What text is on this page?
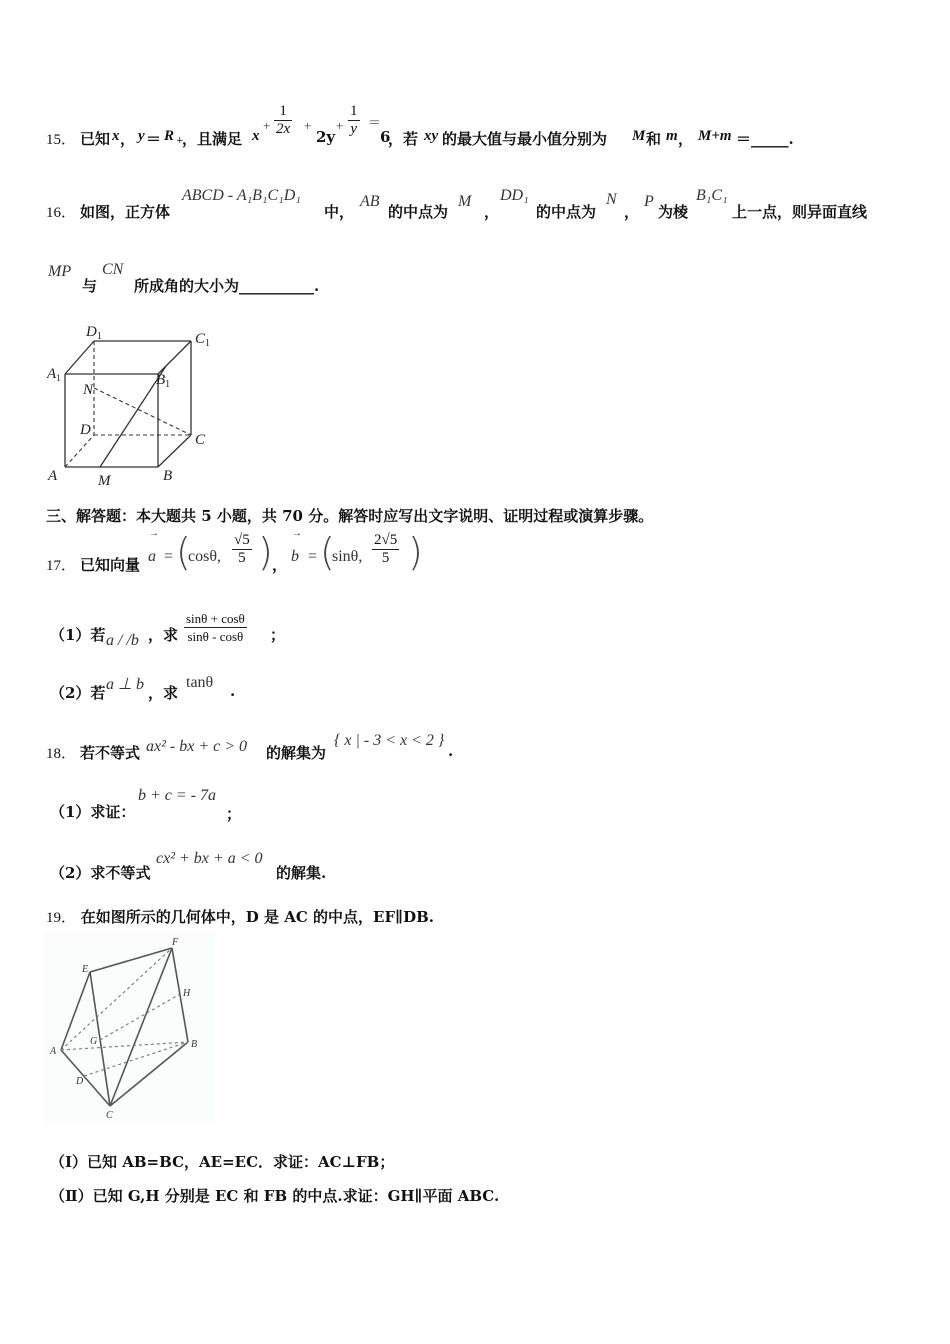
15． 已知 x ， y ＝ R +
，且满足 x
+ $\frac{1}{2x}$ +
2y
+ $\frac{1}{y}$ ＝
6
，若 xy 的最大值与最小值分别为 M 和 m ， M+m ＝_____.
16． 如图，正方体
ABCD - A₁B₁C₁D₁
中，
AB
的中点为
M
，
DD₁
的中点为
N
，
P
为棱
B₁C₁
上一点，则异面直线
MP
与
CN
所成角的大小为__________.
$D_1$	$C_1$
$A_1$	$B_1$
N
D
C
A	M	B
三、解答题：本大题共 5 小题，共 70 分。解答时应写出文字说明、证明过程或演算步骤。
17． 已知向量
→
a = (
cosθ, $\frac{√5}{5}$ ) ，
→
b = (
sinθ, $\frac{2√5}{5}$ )
（1）若 a / /b ，求 $\frac{\sin\theta + \cos\theta}{\sin\theta - \cos\theta}$ ；
（2）若 a ⊥ b ，求
tanθ .
18． 若不等式 ax² - bx + c > 0 的解集为
{ x | - 3 < x < 2 }
.
（1）求证：
b + c = - 7a
；
（2）求不等式
cx² + bx + a < 0
的解集.
19． 在如图所示的几何体中，D 是 AC 的中点，EF∥DB.
F
E
H
A
G	B
D
C
（Ⅰ）已知 AB=BC，AE=EC．求证：AC⊥FB；
（Ⅱ）已知 G,H 分别是 EC 和 FB 的中点.求证：GH∥平面 ABC.
